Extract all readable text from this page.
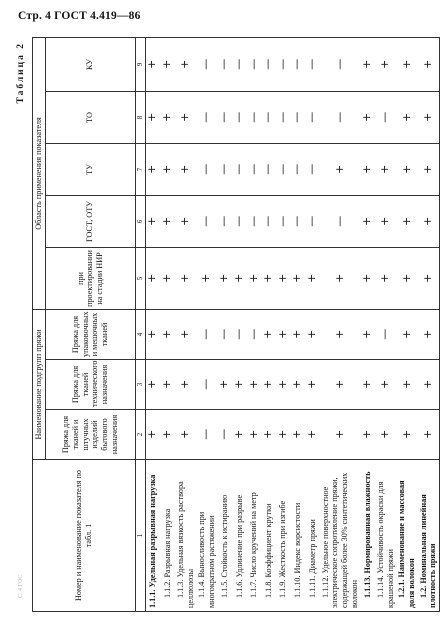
Стр. 4 ГОСТ 4.419—86
С. 4 ГОС
Таблица 2
Номер и наименование показателя по табл. 1	Наименование подгрупп пряжи			Область применения показателя				
	Пряжа для тканей и штучных изделий бытового назначения	Пряжа для тканей технического назначения	Пряжа для упаковочных и мешочных тканей	при проектировании на стадии НИР	ГОСТ, ОТУ	ТУ	ТО	КУ
1	2	3	4	5	6	7	8	9
1.1.1. Удельная разрывная нагрузка	+	+	+	+	+	+	+	+
1.1.2. Разрывная нагрузка	+	+	+	+	+	+	+	+
1.1.3. Удельная вязкость растворa целлюлозы	+	+	+	+	+	+	+	+
1.1.4. Выносливость при многократном растяжении	—	—	—	+	—	—	—	—
1.1.5. Стойкость к истиранию	—	+	—	+	—	—	—	—
1.1.6. Удлинение при разрыве	+	+	—	+	—	—	—	—
1.1.7. Число кручений на метр	+	+	—	+	—	—	—	—
1.1.8. Коэффициент крутки	+	+	+	+	—	—	—	—
1.1.9. Жесткость при изгибе	+	+	+	+	—	—	—	—
1.1.10. Индекс ворсистости	+	+	+	+	—	—	—	—
1.1.11. Диаметр пряжи	+	+	+	+	—	—	—	—
1.1.12. Удельное поверхностное электрическое сопротивление пряжи, содержащей более 30% синтетических волокон	+	+	+	+	—	+	—	—
1.1.13. Нормированная влажность	+	+	+	+	+	+	+	+
1.1.14. Устойчивость окраски для крашеной пряжи	+	+	—	+	+	+	—	+
1.2.1. Наименование и массовая доля волокон	+	+	+	+	+	+	+	+
1.2. Номинальная линейная плотность пряжи	+	+	+	+	+	+	+	+
